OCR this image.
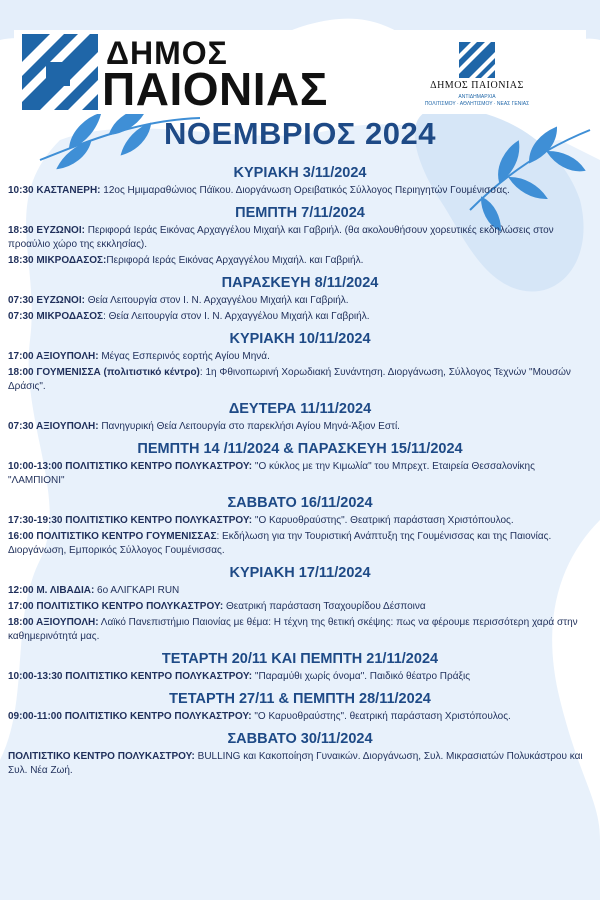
ΔΗΜΟΣ
ΠΑΙΟΝΙΑΣ	ΔΗΜΟΣ ΠΑΙΟΝΙΑΣ
ΑΝΤΙΔΗΜΑΡΧΙΑ
ΠΟΛΙΤΙΣΜΟΥ · ΑΘΛΗΤΙΣΜΟΥ · ΝΕΑΣ ΓΕΝΙΑΣ
ΝΟΕΜΒΡΙΟΣ 2024
ΚΥΡΙΑΚΗ 3/11/2024
10:30 ΚΑΣΤΑΝΕΡΗ: 12ος Ημιμαραθώνιος Πάϊκου. Διοργάνωση Ορειβατικός Σύλλογος Περιηγητών Γουμένισσας.
ΠΕΜΠΤΗ 7/11/2024
18:30 ΕΥΖΩΝΟΙ: Περιφορά Ιεράς Εικόνας Αρχαγγέλου Μιχαήλ και Γαβριήλ. (θα ακολουθήσουν χορευτικές εκδηλώσεις στον προαύλιο χώρο της εκκλησίας).
18:30 ΜΙΚΡΟΔΑΣΟΣ:Περιφορά Ιεράς Εικόνας Αρχαγγέλου Μιχαήλ. και Γαβριήλ.
ΠΑΡΑΣΚΕΥΗ 8/11/2024
07:30 ΕΥΖΩΝΟΙ: Θεία Λειτουργία στον Ι. Ν. Αρχαγγέλου Μιχαήλ και Γαβριήλ.
07:30 ΜΙΚΡΟΔΑΣΟΣ: Θεία Λειτουργία στον Ι. Ν. Αρχαγγέλου Μιχαήλ και Γαβριήλ.
ΚΥΡΙΑΚΗ 10/11/2024
17:00 ΑΞΙΟΥΠΟΛΗ: Μέγας Εσπερινός εορτής Αγίου Μηνά.
18:00 ΓΟΥΜΕΝΙΣΣΑ (πολιτιστικό κέντρο): 1η Φθινοπωρινή Χορωδιακή Συνάντηση. Διοργάνωση, Σύλλογος Τεχνών "Μουσών Δράσις".
ΔΕΥΤΕΡΑ 11/11/2024
07:30 ΑΞΙΟΥΠΟΛΗ: Πανηγυρική Θεία Λειτουργία στο παρεκλήσι Αγίου Μηνά-Άξιον Εστί.
ΠΕΜΠΤΗ 14 /11/2024 & ΠΑΡΑΣΚΕΥΗ 15/11/2024
10:00-13:00 ΠΟΛΙΤΙΣΤΙΚΟ ΚΕΝΤΡΟ ΠΟΛΥΚΑΣΤΡΟΥ: "Ο κύκλος με την Κιμωλία" του Μπρεχτ. Εταιρεία Θεσσαλονίκης "ΛΑΜΠΙΟΝΙ"
ΣΑΒΒΑΤΟ 16/11/2024
17:30-19:30 ΠΟΛΙΤΙΣΤΙΚΟ ΚΕΝΤΡΟ ΠΟΛΥΚΑΣΤΡΟΥ: "Ο Καρυοθραύστης". Θεατρική παράσταση Χριστόπουλος.
16:00 ΠΟΛΙΤΙΣΤΙΚΟ ΚΕΝΤΡΟ ΓΟΥΜΕΝΙΣΣΑΣ: Εκδήλωση για την Τουριστική Ανάπτυξη της Γουμένισσας και της Παιονίας. Διοργάνωση, Εμπορικός Σύλλογος Γουμένισσας.
ΚΥΡΙΑΚΗ 17/11/2024
12:00 Μ. ΛΙΒΑΔΙΑ: 6ο ΑΛΙΓΚΑΡΙ RUN
17:00 ΠΟΛΙΤΙΣΤΙΚΟ ΚΕΝΤΡΟ ΠΟΛΥΚΑΣΤΡΟΥ: Θεατρική παράσταση Τσαχουρίδου Δέσποινα
18:00 ΑΞΙΟΥΠΟΛΗ: Λαϊκό Πανεπιστήμιο Παιονίας με θέμα: Η τέχνη της θετική σκέψης: πως να φέρουμε περισσότερη χαρά στην καθημερινότητά μας.
ΤΕΤΑΡΤΗ 20/11 ΚΑΙ ΠΕΜΠΤΗ 21/11/2024
10:00-13:30 ΠΟΛΙΤΙΣΤΙΚΟ ΚΕΝΤΡΟ ΠΟΛΥΚΑΣΤΡΟΥ: "Παραμύθι χωρίς όνομα". Παιδικό θέατρο Πράξις
ΤΕΤΑΡΤΗ 27/11 & ΠΕΜΠΤΗ 28/11/2024
09:00-11:00 ΠΟΛΙΤΙΣΤΙΚΟ ΚΕΝΤΡΟ ΠΟΛΥΚΑΣΤΡΟΥ: "Ο Καρυοθραύστης". θεατρική παράσταση Χριστόπουλος.
ΣΑΒΒΑΤΟ 30/11/2024
ΠΟΛΙΤΙΣΤΙΚΟ ΚΕΝΤΡΟ ΠΟΛΥΚΑΣΤΡΟΥ: BULLING και Κακοποίηση Γυναικών. Διοργάνωση, Συλ. Μικρασιατών Πολυκάστρου και Συλ. Νέα Ζωή.
